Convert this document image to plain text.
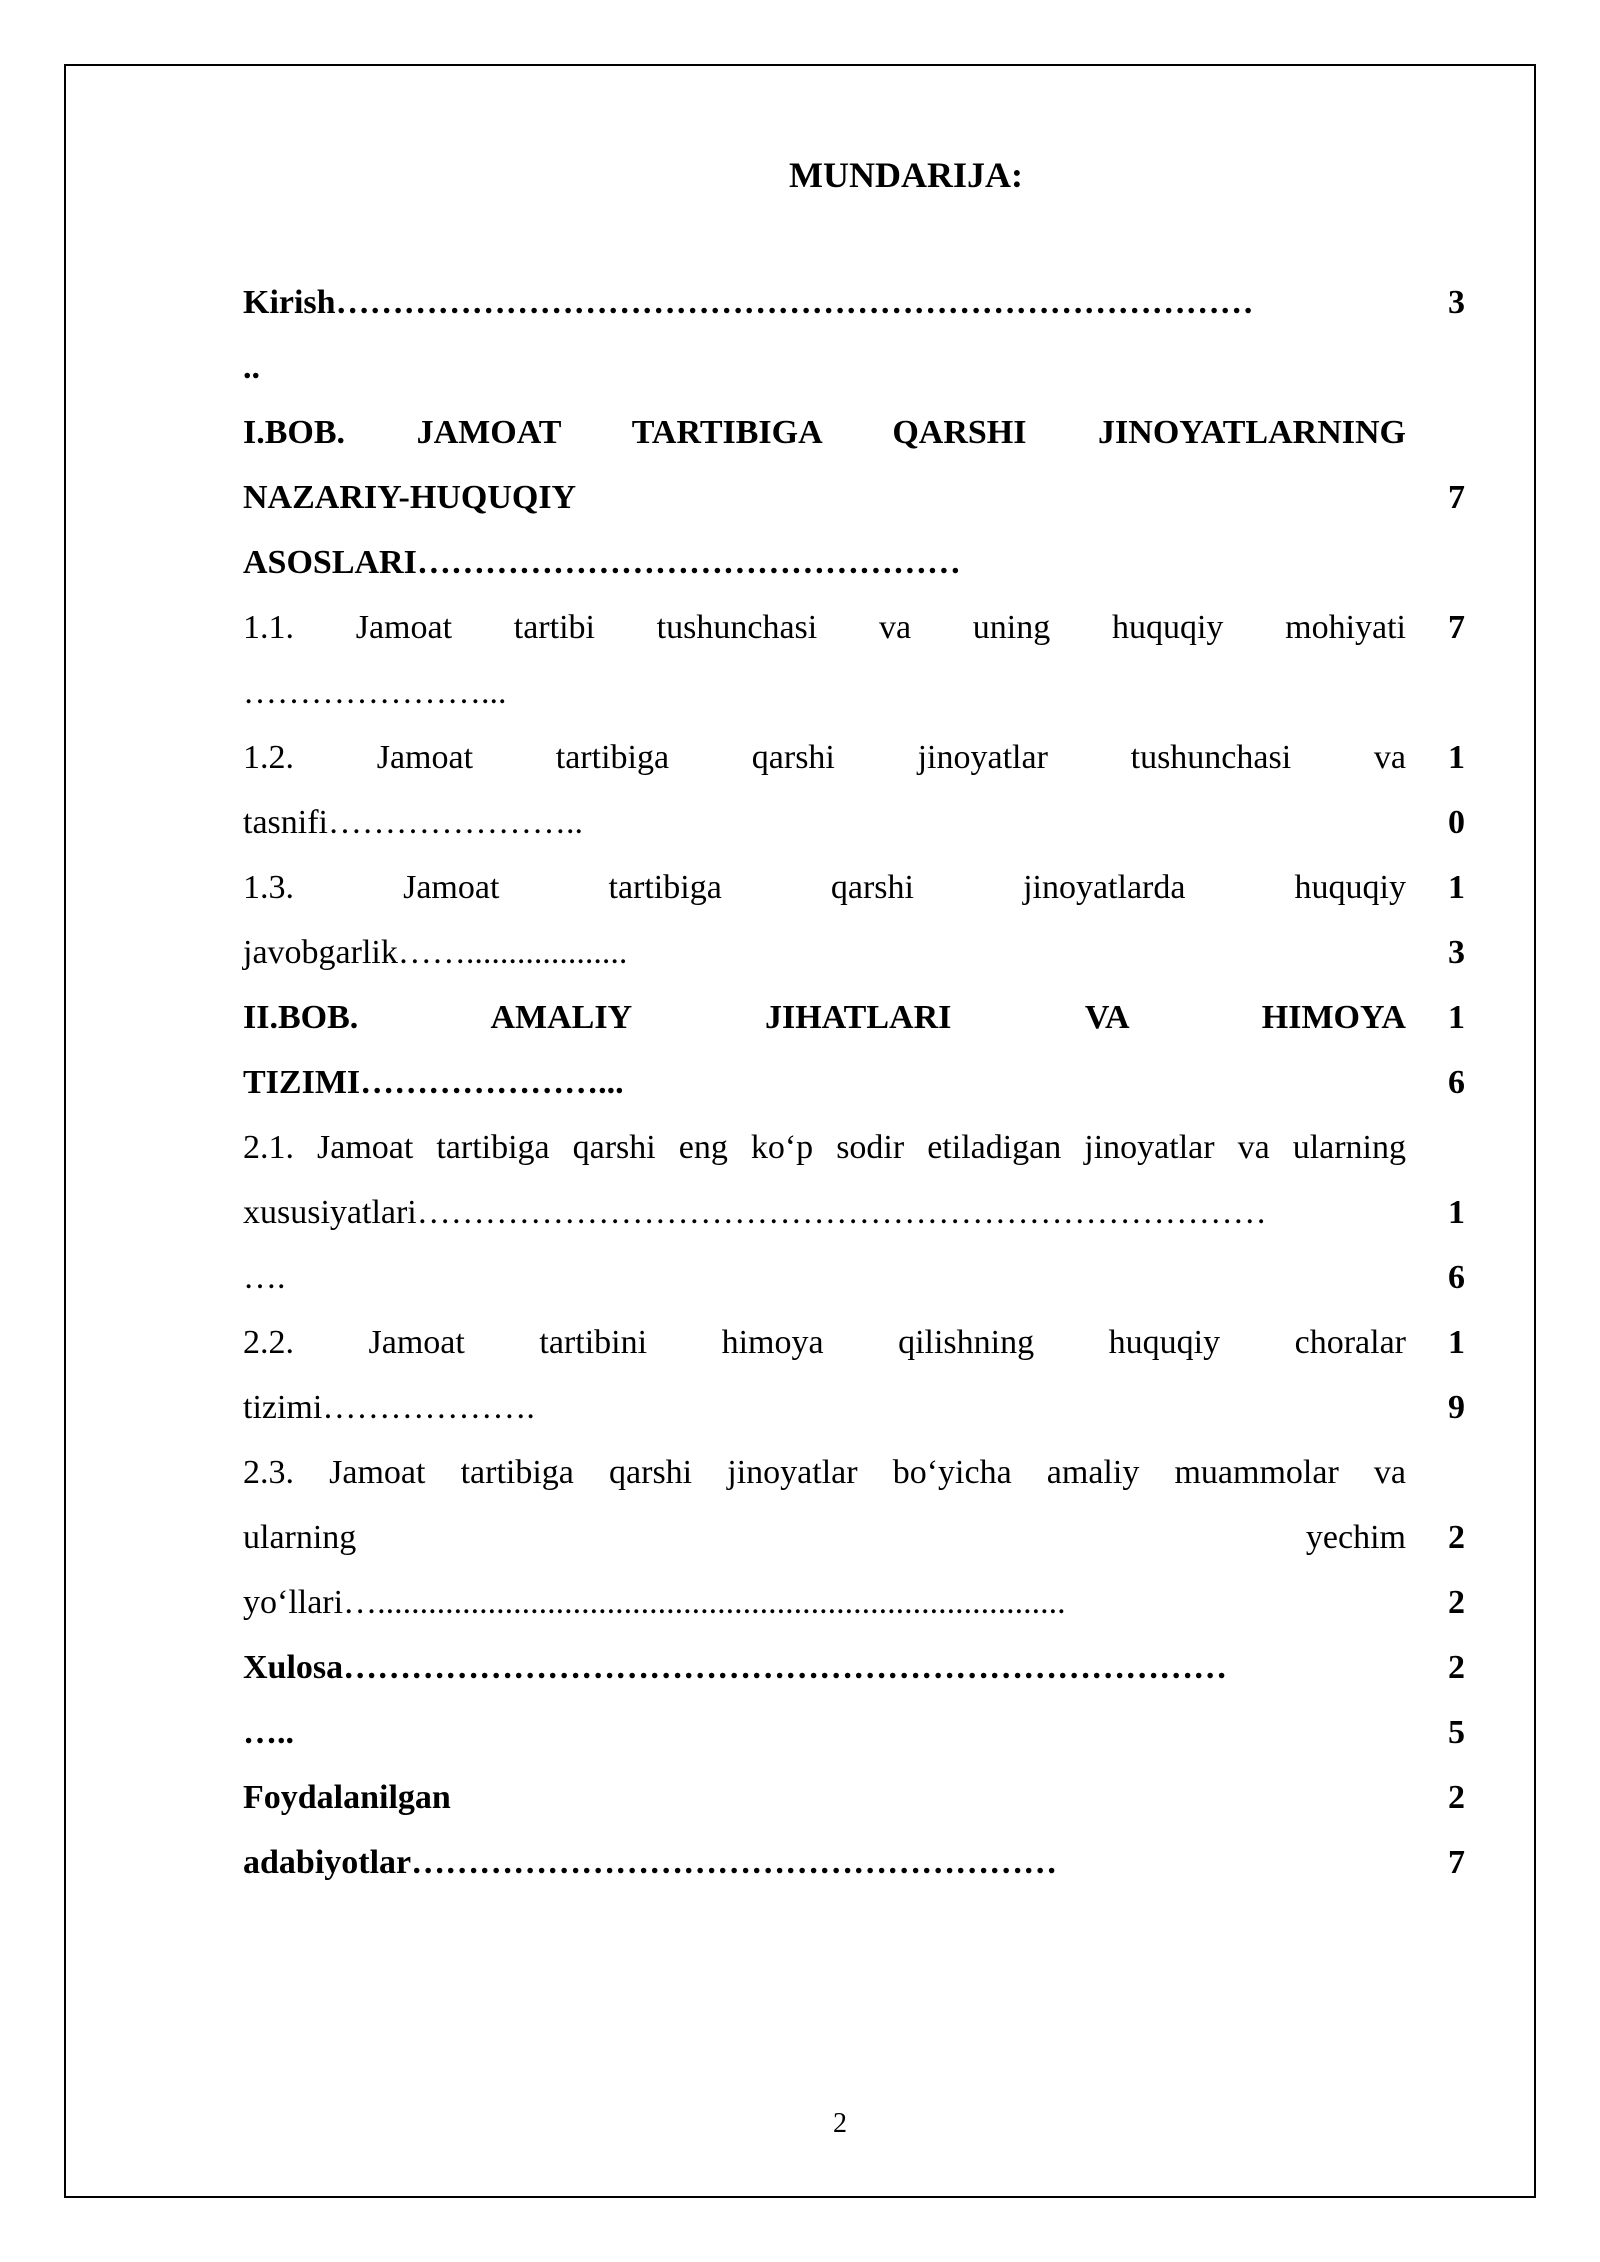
MUNDARIJA:
Kirish………………………………………………………………………
..
3
I.BOB. JAMOAT TARTIBIGA QARSHI JINOYATLARNING
NAZARIY-HUQUQIY
ASOSLARI…………………………………………
7
1.1. Jamoat tartibi tushunchasi va uning huquqiy mohiyati
…………………...
7
1.2. Jamoat tartibiga qarshi jinoyatlar tushunchasi va
tasnifi…………………..
1
0
1.3. Jamoat tartibiga qarshi jinoyatlarda huquqiy
javobgarlik……...................
1
3
II.BOB. AMALIY JIHATLARI VA HIMOYA
TIZIMI…………………...
1
6
2.1. Jamoat tartibiga qarshi eng ko‘p sodir etiladigan jinoyatlar va ularning
xususiyatlari…………………………………………………………………
….
1
6
2.2. Jamoat tartibini himoya qilishning huquqiy choralar
tizimi……………….
1
9
2.3. Jamoat tartibiga qarshi jinoyatlar bo‘yicha amaliy muammolar va
ularning yechim
yo‘llari….................................................................................
2
2
Xulosa……………………………………………………………………
…..
2
5
Foydalanilgan
adabiyotlar…………………………………………………
2
7
2
